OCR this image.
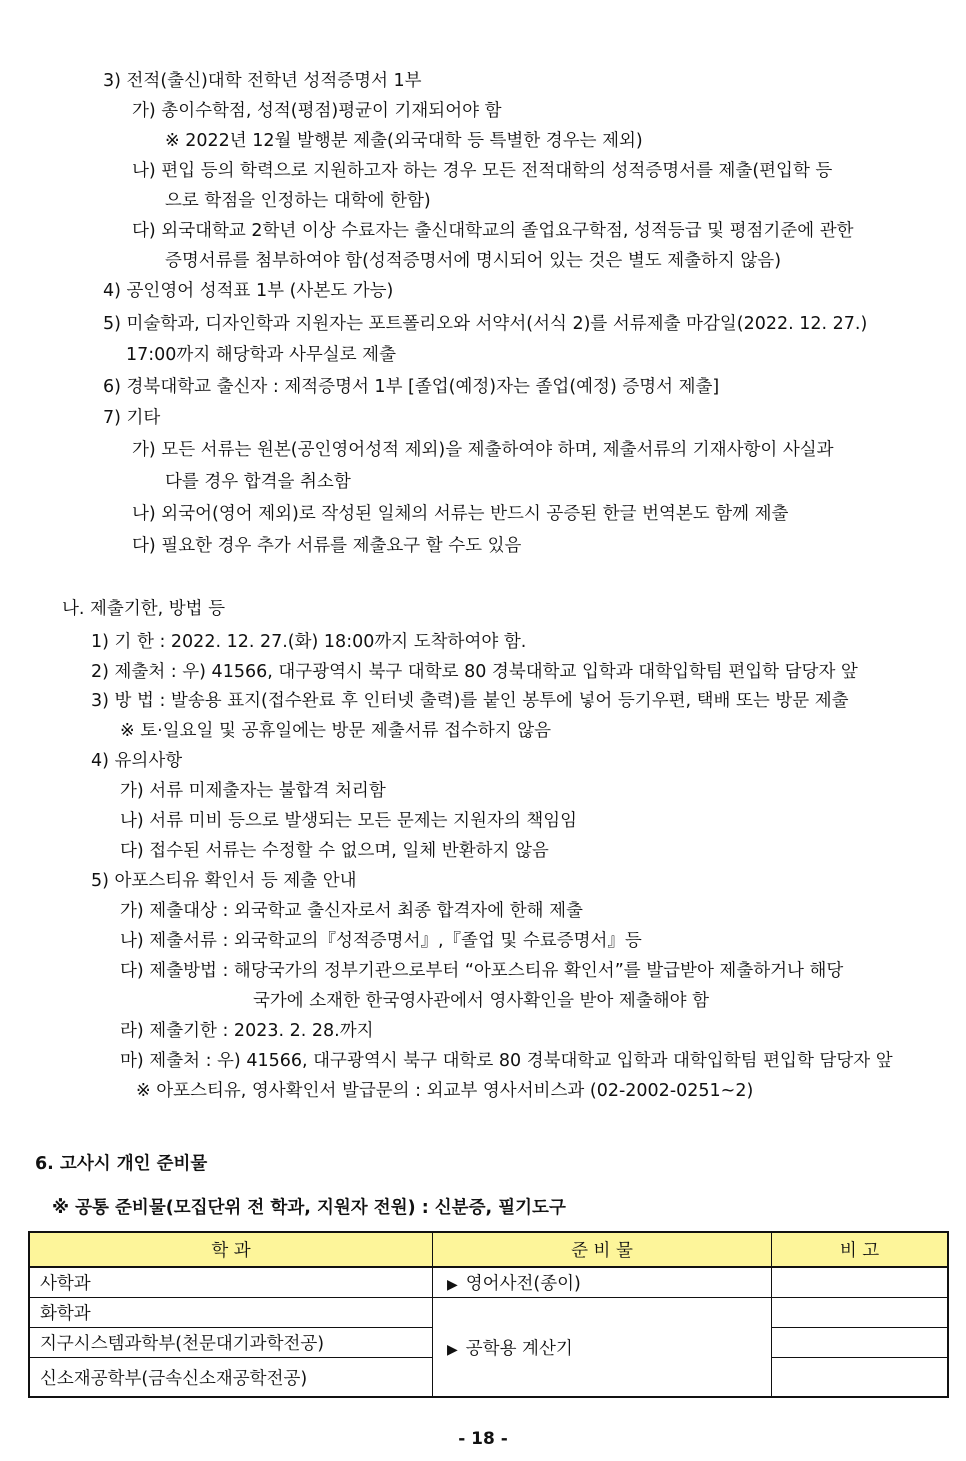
3) 전적(출신)대학 전학년 성적증명서 1부
가) 총이수학점, 성적(평점)평균이 기재되어야 함
※ 2022년 12월 발행분 제출(외국대학 등 특별한 경우는 제외)
나) 편입 등의 학력으로 지원하고자 하는 경우 모든 전적대학의 성적증명서를 제출(편입학 등
으로 학점을 인정하는 대학에 한함)
다) 외국대학교 2학년 이상 수료자는 출신대학교의 졸업요구학점, 성적등급 및 평점기준에 관한
증명서류를 첨부하여야 함(성적증명서에 명시되어 있는 것은 별도 제출하지 않음)
4) 공인영어 성적표 1부 (사본도 가능)
5) 미술학과, 디자인학과 지원자는 포트폴리오와 서약서(서식 2)를 서류제출 마감일(2022. 12. 27.)
17:00까지 해당학과 사무실로 제출
6) 경북대학교 출신자 : 제적증명서 1부 [졸업(예정)자는 졸업(예정) 증명서 제출]
7) 기타
가) 모든 서류는 원본(공인영어성적 제외)을 제출하여야 하며, 제출서류의 기재사항이 사실과
다를 경우 합격을 취소함
나) 외국어(영어 제외)로 작성된 일체의 서류는 반드시 공증된 한글 번역본도 함께 제출
다) 필요한 경우 추가 서류를 제출요구 할 수도 있음
나. 제출기한, 방법 등
1) 기 한 : 2022. 12. 27.(화) 18:00까지 도착하여야 함.
2) 제출처 : 우) 41566, 대구광역시 북구 대학로 80 경북대학교 입학과 대학입학팀 편입학 담당자 앞
3) 방 법 : 발송용 표지(접수완료 후 인터넷 출력)를 붙인 봉투에 넣어 등기우편, 택배 또는 방문 제출
※ 토·일요일 및 공휴일에는 방문 제출서류 접수하지 않음
4) 유의사항
가) 서류 미제출자는 불합격 처리함
나) 서류 미비 등으로 발생되는 모든 문제는 지원자의 책임임
다) 접수된 서류는 수정할 수 없으며, 일체 반환하지 않음
5) 아포스티유 확인서 등 제출 안내
가) 제출대상 : 외국학교 출신자로서 최종 합격자에 한해 제출
나) 제출서류 : 외국학교의『성적증명서』,『졸업 및 수료증명서』등
다) 제출방법 : 해당국가의 정부기관으로부터 “아포스티유 확인서”를 발급받아 제출하거나 해당
국가에 소재한 한국영사관에서 영사확인을 받아 제출해야 함
라) 제출기한 : 2023. 2. 28.까지
마) 제출처 : 우) 41566, 대구광역시 북구 대학로 80 경북대학교 입학과 대학입학팀 편입학 담당자 앞
※ 아포스티유, 영사확인서 발급문의 : 외교부 영사서비스과 (02-2002-0251~2)
6. 고사시 개인 준비물
※ 공통 준비물(모집단위 전 학과, 지원자 전원) : 신분증, 필기도구
학 과	준 비 물	비 고
사학과	▶ 영어사전(종이)	
화학과	▶ 공학용 계산기	
지구시스템과학부(천문대기과학전공)		
신소재공학부(금속신소재공학전공)		
- 18 -
